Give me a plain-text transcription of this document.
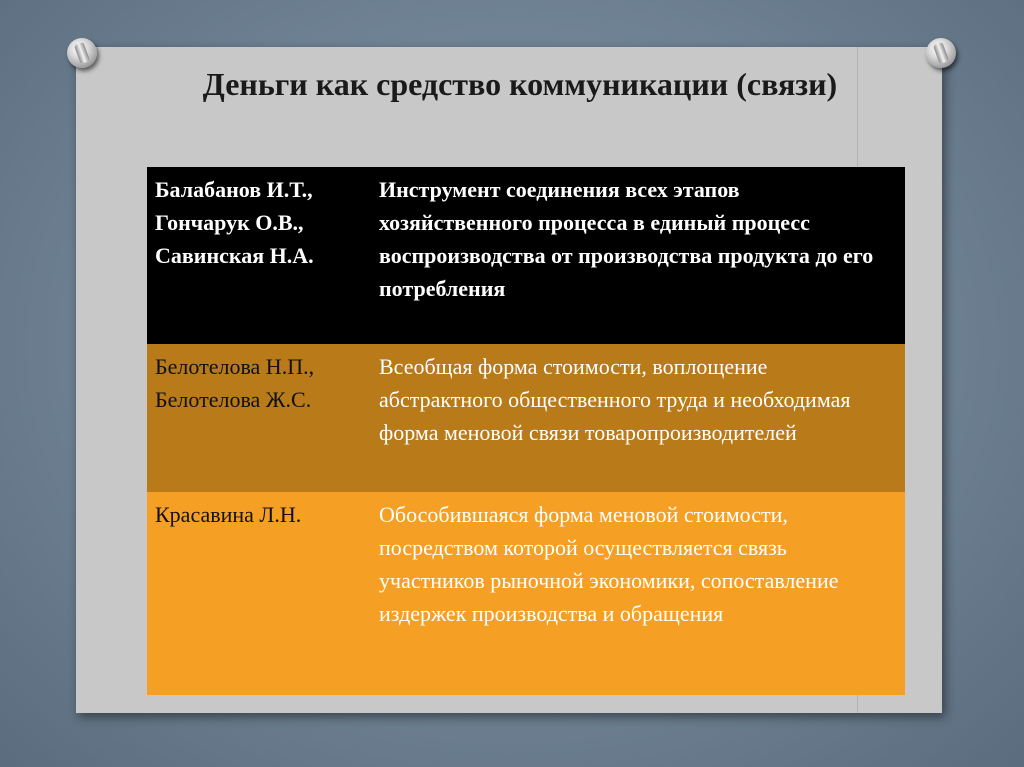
Деньги как средство коммуникации (связи)
Балабанов И.Т., Гончарук О.В., Савинская Н.А.
Инструмент соединения всех этапов хозяйственного процесса в единый процесс воспроизводства от производства продукта до его потребления
Белотелова Н.П., Белотелова Ж.С.
Всеобщая форма стоимости, воплощение абстрактного общественного труда и необходимая форма меновой связи товаропроизводителей
Красавина Л.Н.	Обособившаяся форма меновой стоимости, посредством которой осуществляется связь участников рыночной экономики, сопоставление издержек производства и обращения
